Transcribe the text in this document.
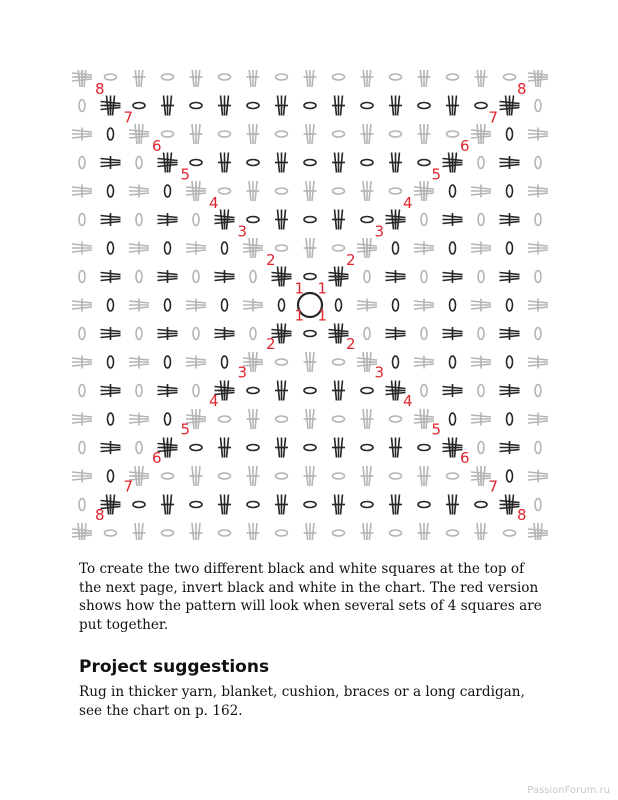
1 1
1 1
2	2
2	2
3	3
3	3
4	4
4	4
5	5
5	5
6	6
6	6
7	7
7	7
8	8
8	8

To create the two different black and white squares at the top of the next page, invert black and white in the chart. The red version shows how the pattern will look when several sets of 4 squares are put together.

Project suggestions

Rug in thicker yarn, blanket, cushion, braces or a long cardigan, see the chart on p. 162.

PassionForum.ru
